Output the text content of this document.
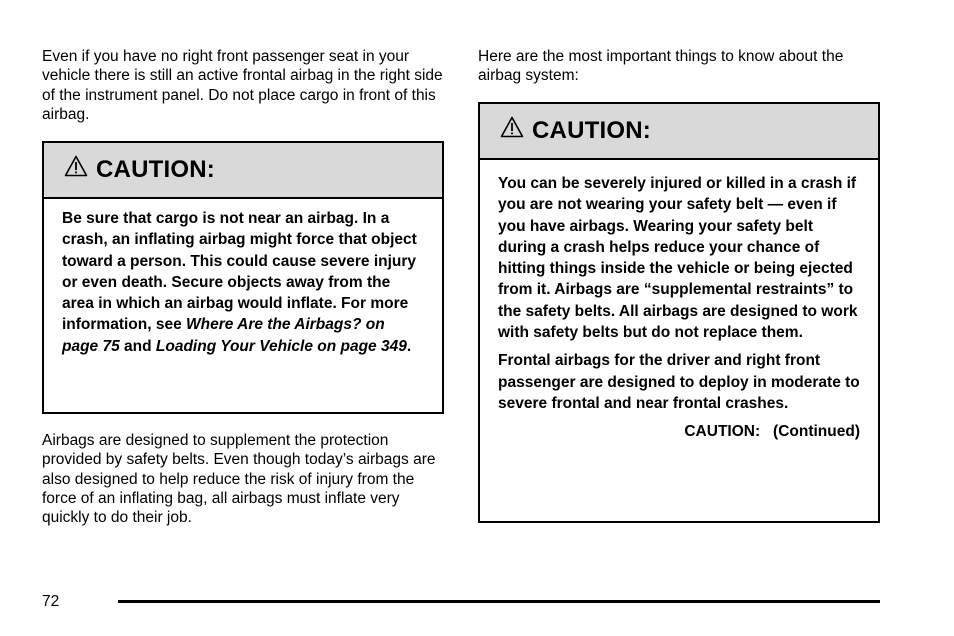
Even if you have no right front passenger seat in your vehicle there is still an active frontal airbag in the right side of the instrument panel. Do not place cargo in front of this airbag.

CAUTION:
Be sure that cargo is not near an airbag. In a crash, an inflating airbag might force that object toward a person. This could cause severe injury or even death. Secure objects away from the area in which an airbag would inflate. For more information, see Where Are the Airbags? on page 75 and Loading Your Vehicle on page 349.

Airbags are designed to supplement the protection provided by safety belts. Even though today’s airbags are also designed to help reduce the risk of injury from the force of an inflating bag, all airbags must inflate very quickly to do their job.

Here are the most important things to know about the airbag system:

CAUTION:

You can be severely injured or killed in a crash if you are not wearing your safety belt — even if you have airbags. Wearing your safety belt during a crash helps reduce your chance of hitting things inside the vehicle or being ejected from it. Airbags are “supplemental restraints” to the safety belts. All airbags are designed to work with safety belts but do not replace them.

Frontal airbags for the driver and right front passenger are designed to deploy in moderate to severe frontal and near frontal crashes.

CAUTION:   (Continued)
72
